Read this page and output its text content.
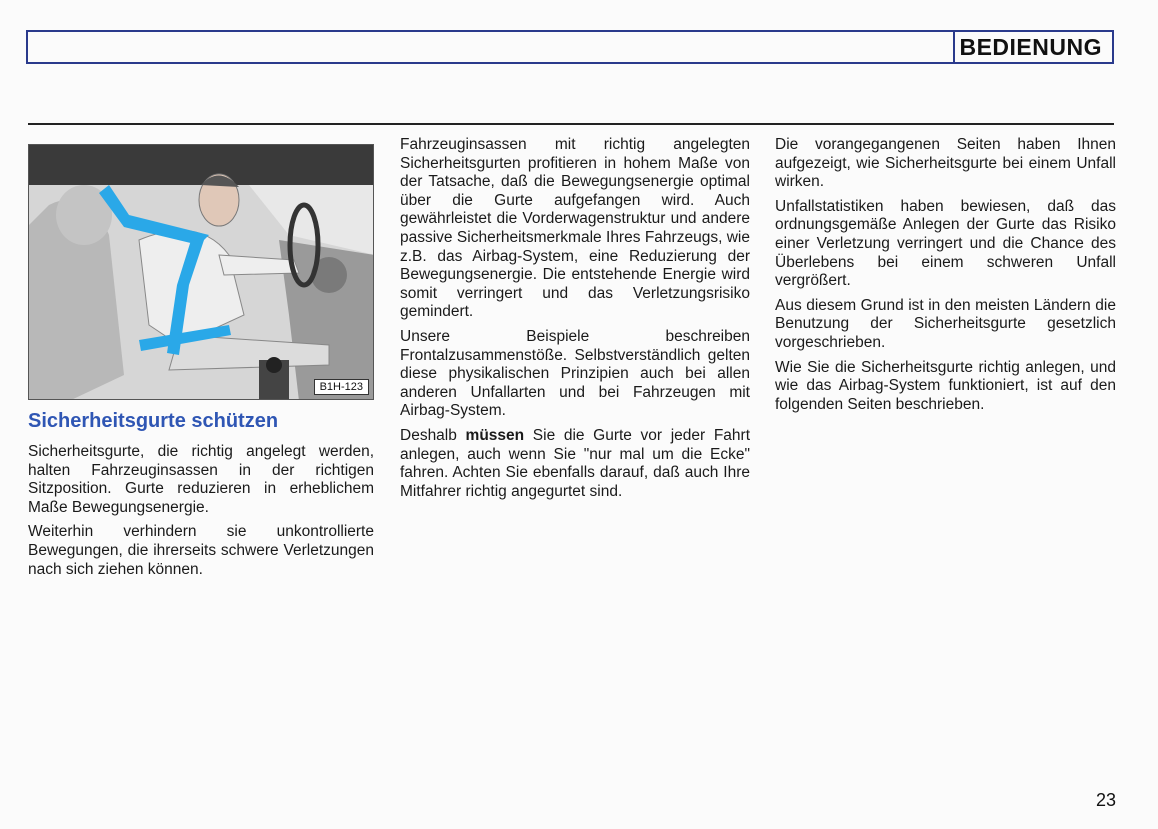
BEDIENUNG
B1H-123
Sicherheitsgurte schützen

Sicherheitsgurte, die richtig angelegt werden, halten Fahrzeuginsassen in der richtigen Sitzposition. Gurte reduzieren in erheblichem Maße Bewegungsenergie.

Weiterhin verhindern sie unkontrollierte Bewegungen, die ihrerseits schwere Verletzungen nach sich ziehen können.

Fahrzeuginsassen mit richtig angelegten Sicherheitsgurten profitieren in hohem Maße von der Tatsache, daß die Bewegungsenergie optimal über die Gurte aufgefangen wird. Auch gewährleistet die Vorderwagenstruktur und andere passive Sicherheitsmerkmale Ihres Fahrzeugs, wie z.B. das Airbag-System, eine Reduzierung der Bewegungsenergie. Die entstehende Energie wird somit verringert und das Verletzungsrisiko gemindert.

Unsere Beispiele beschreiben Frontalzusammenstöße. Selbstverständlich gelten diese physikalischen Prinzipien auch bei allen anderen Unfallarten und bei Fahrzeugen mit Airbag-System.

Deshalb müssen Sie die Gurte vor jeder Fahrt anlegen, auch wenn Sie "nur mal um die Ecke" fahren. Achten Sie ebenfalls darauf, daß auch Ihre Mitfahrer richtig angegurtet sind.

Die vorangegangenen Seiten haben Ihnen aufgezeigt, wie Sicherheitsgurte bei einem Unfall wirken.

Unfallstatistiken haben bewiesen, daß das ordnungsgemäße Anlegen der Gurte das Risiko einer Verletzung verringert und die Chance des Überlebens bei einem schweren Unfall vergrößert.

Aus diesem Grund ist in den meisten Ländern die Benutzung der Sicherheitsgurte gesetzlich vorgeschrieben.

Wie Sie die Sicherheitsgurte richtig anlegen, und wie das Airbag-System funktioniert, ist auf den folgenden Seiten beschrieben.

23
